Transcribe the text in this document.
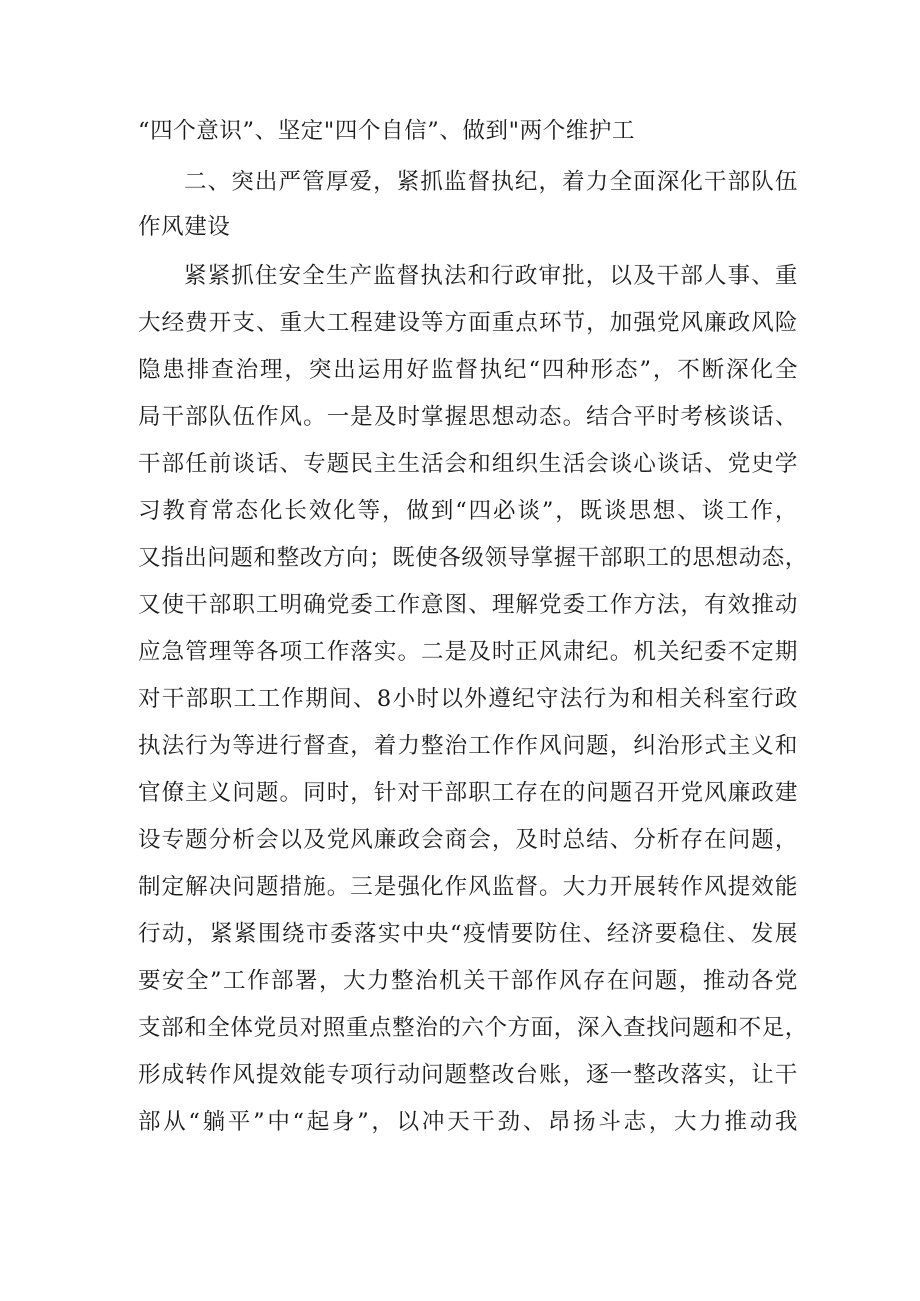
“四个意识”、坚定"四个自信”、做到"两个维护工
二、突出严管厚爱，紧抓监督执纪，着力全面深化干部队伍
作风建设
紧紧抓住安全生产监督执法和行政审批，以及干部人事、重
大经费开支、重大工程建设等方面重点环节，加强党风廉政风险
隐患排查治理，突出运用好监督执纪“四种形态”，不断深化全
局干部队伍作风。一是及时掌握思想动态。结合平时考核谈话、
干部任前谈话、专题民主生活会和组织生活会谈心谈话、党史学
习教育常态化长效化等，做到“四必谈”，既谈思想、谈工作，
又指出问题和整改方向；既使各级领导掌握干部职工的思想动态，
又使干部职工明确党委工作意图、理解党委工作方法，有效推动
应急管理等各项工作落实。二是及时正风肃纪。机关纪委不定期
对干部职工工作期间、8小时以外遵纪守法行为和相关科室行政
执法行为等进行督查，着力整治工作作风问题，纠治形式主义和
官僚主义问题。同时，针对干部职工存在的问题召开党风廉政建
设专题分析会以及党风廉政会商会，及时总结、分析存在问题，
制定解决问题措施。三是强化作风监督。大力开展转作风提效能
行动，紧紧围绕市委落实中央“疫情要防住、经济要稳住、发展
要安全”工作部署，大力整治机关干部作风存在问题，推动各党
支部和全体党员对照重点整治的六个方面，深入查找问题和不足，
形成转作风提效能专项行动问题整改台账，逐一整改落实，让干
部从“躺平”中“起身”，以冲天干劲、昂扬斗志，大力推动我
